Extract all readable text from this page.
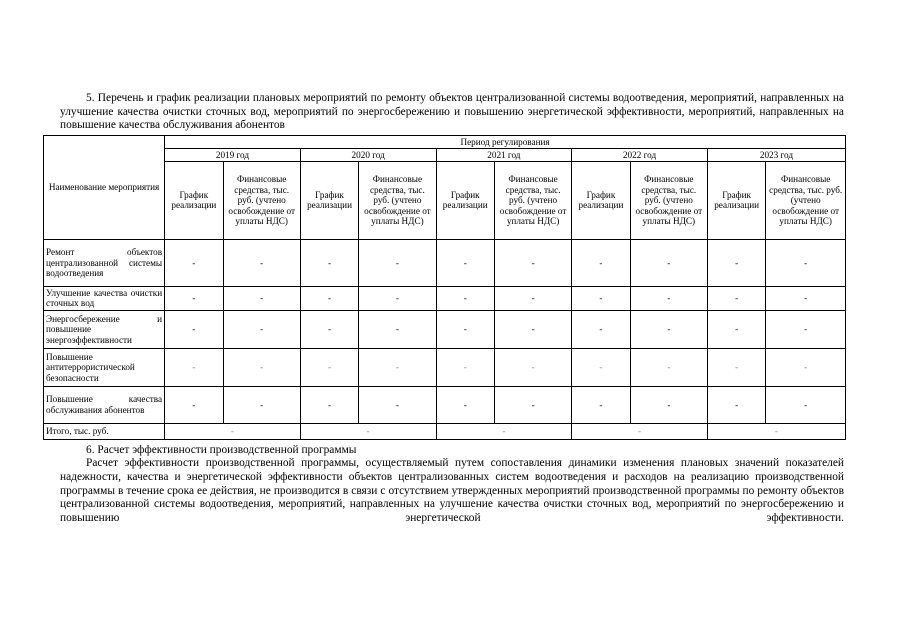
5. Перечень и график реализации плановых мероприятий по ремонту объектов централизованной системы водоотведения, мероприятий, направленных на улучшение качества очистки сточных вод, мероприятий по энергосбережению и повышению энергетической эффективности, мероприятий, направленных на повышение качества обслуживания абонентов

Наименование мероприятия	Период регулирования									
	2019 год		2020 год		2021 год		2022 год		2023 год	
	График реализации	Финансовые средства, тыс. руб. (учтено освобождение от уплаты НДС)	График реализации	Финансовые средства, тыс. руб. (учтено освобождение от уплаты НДС)	График реализации	Финансовые средства, тыс. руб. (учтено освобождение от уплаты НДС)	График реализации	Финансовые средства, тыс. руб. (учтено освобождение от уплаты НДС)	График реализации	Финансовые средства, тыс. руб. (учтено освобождение от уплаты НДС)
Ремонт объектов централизованной системы водоотведения	-	-	-	-	-	-	-	-	-	-
Улучшение качества очистки сточных вод	-	-	-	-	-	-	-	-	-	-
Энергосбережение и повышение энергоэффективности	-	-	-	-	-	-	-	-	-	-
Повышение антитеррористической безопасности	-	-	-	-	-	-	-	-	-	-
Повышение качества обслуживания абонентов	-	-	-	-	-	-	-	-	-	-
Итого, тыс. руб.	-		-		-		-		-	

6. Расчет эффективности производственной программы

Расчет эффективности производственной программы, осуществляемый путем сопоставления динамики изменения плановых значений показателей надежности, качества и энергетической эффективности объектов централизованных систем водоотведения и расходов на реализацию производственной программы в течение срока ее действия, не производится в связи с отсутствием утвержденных мероприятий производственной программы по ремонту объектов централизованной системы водоотведения, мероприятий, направленных на улучшение качества очистки сточных вод, мероприятий по энергосбережению и повышению энергетической эффективности.
